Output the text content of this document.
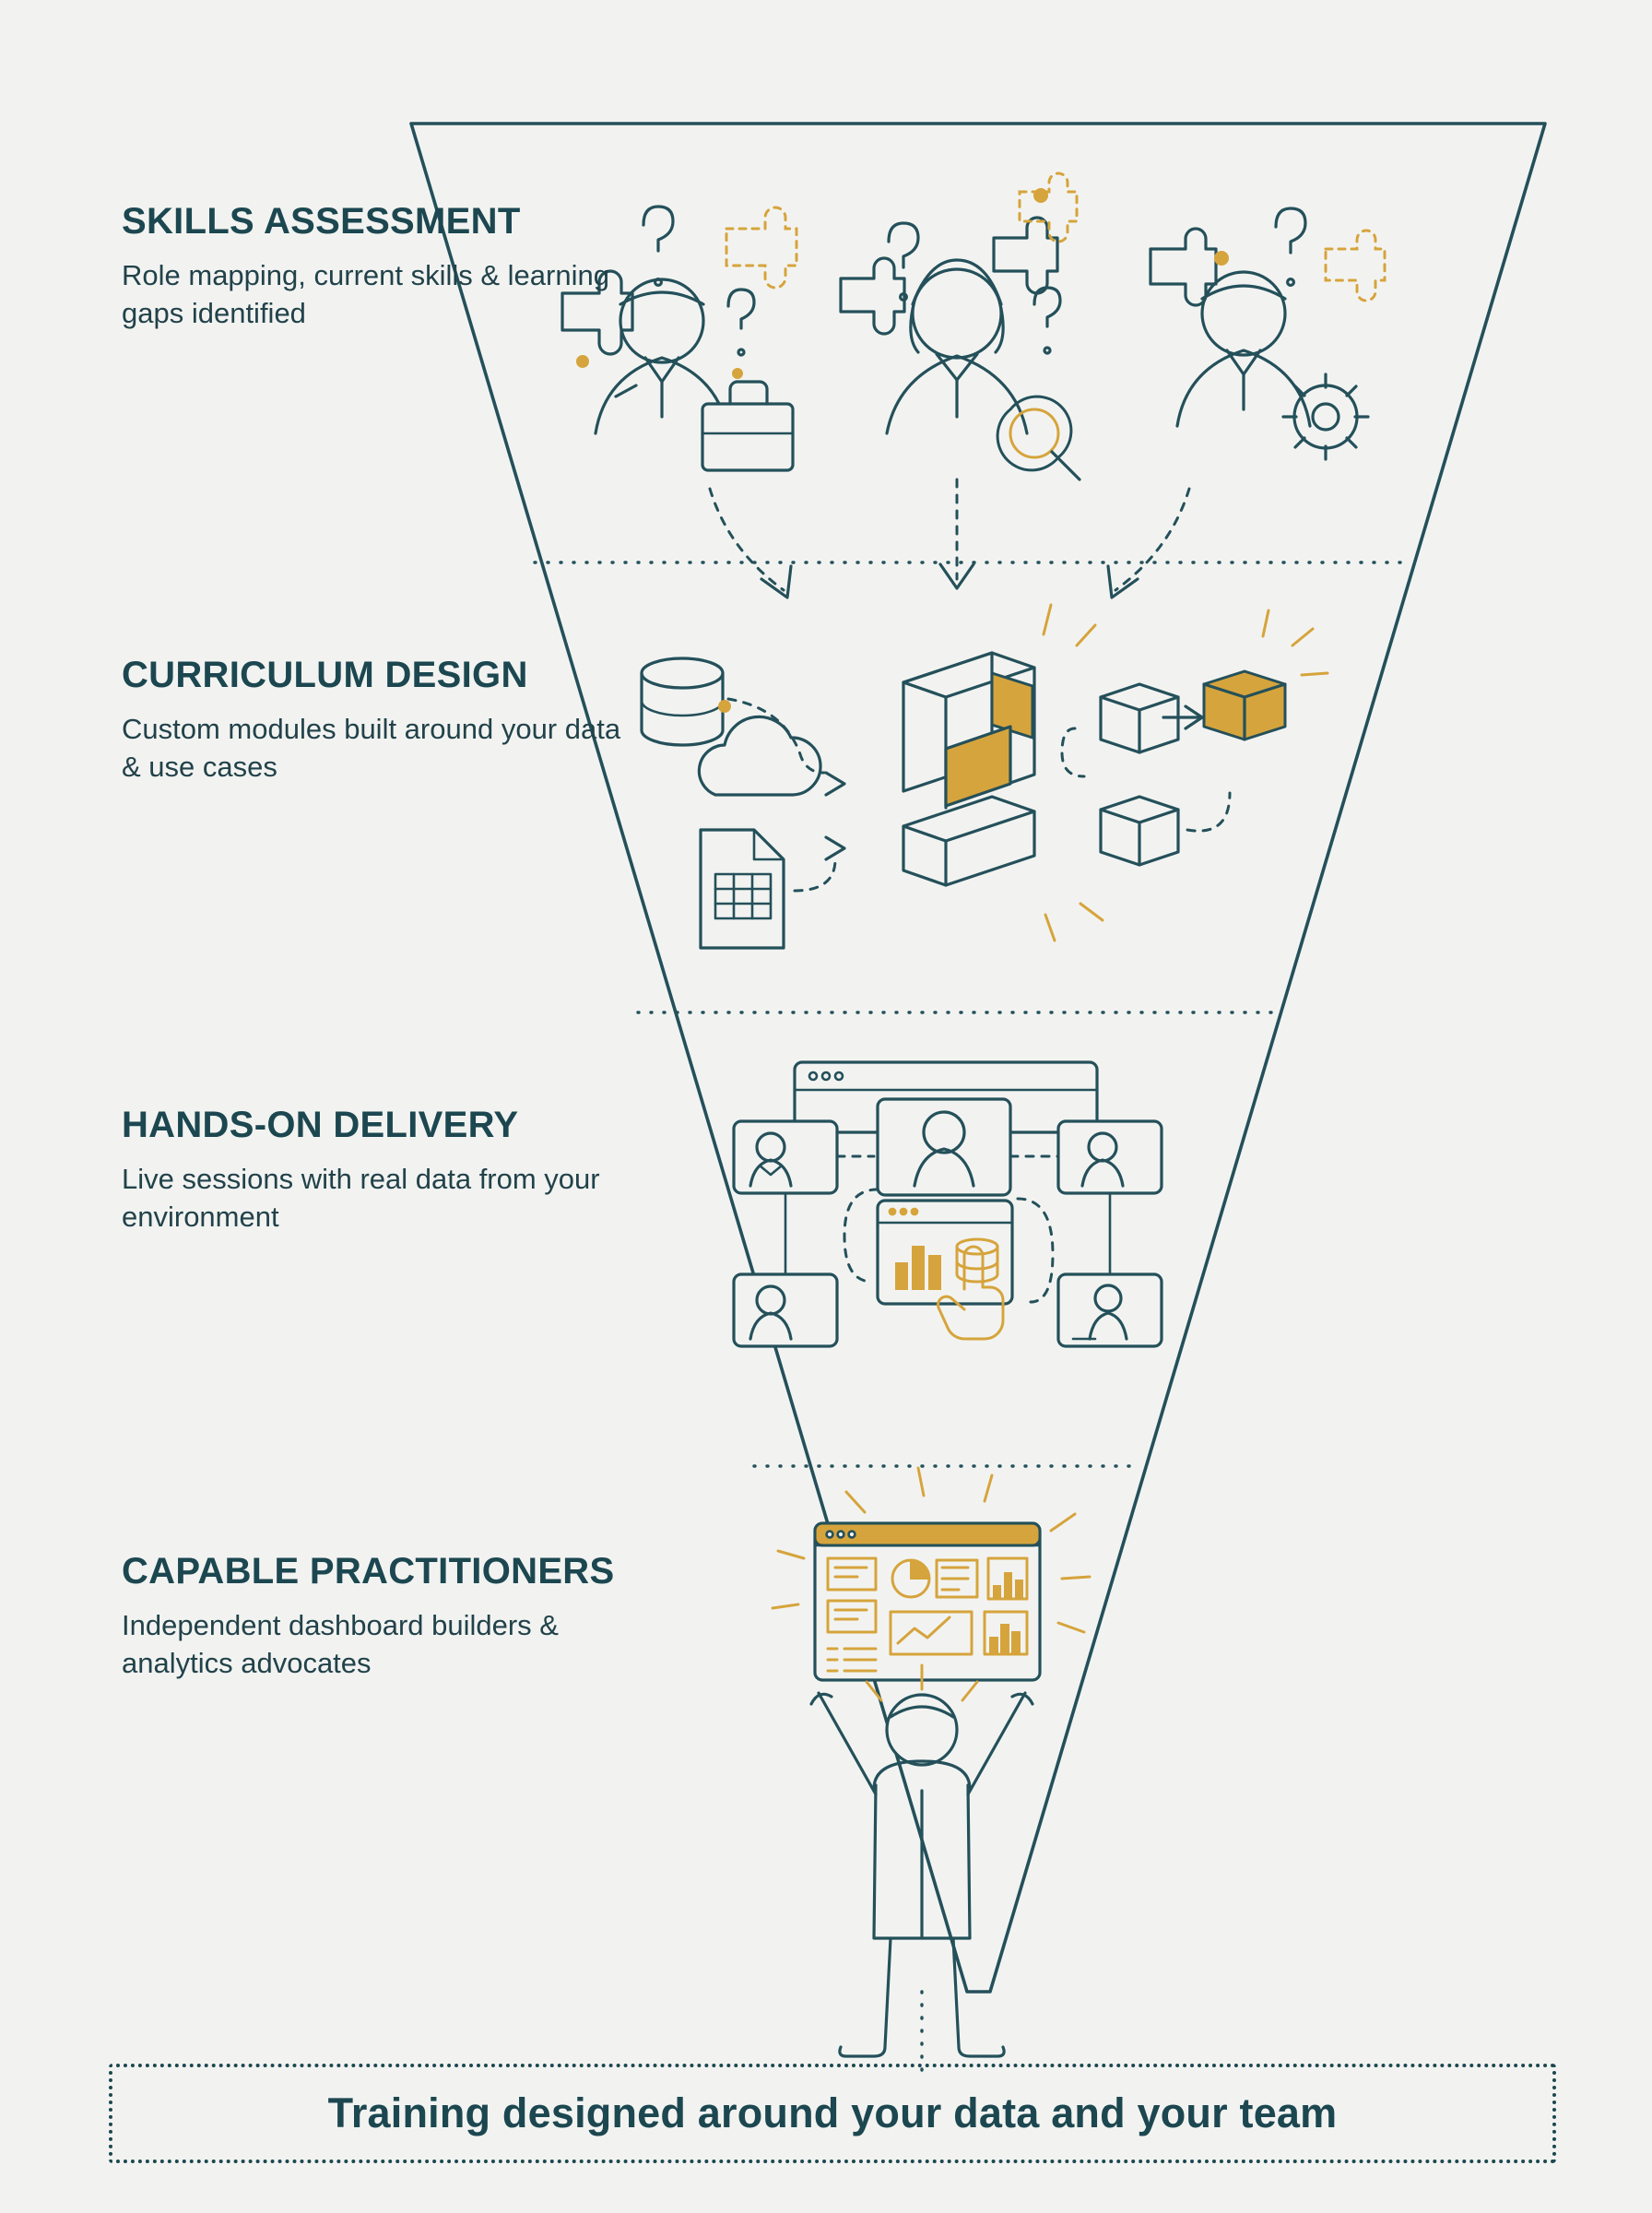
SKILLS ASSESSMENT

Role mapping, current skills & learning gaps identified

CURRICULUM DESIGN

Custom modules built around your data & use cases

HANDS-ON DELIVERY

Live sessions with real data from your environment

CAPABLE PRACTITIONERS

Independent dashboard builders & analytics advocates

Training designed around your data and your team
